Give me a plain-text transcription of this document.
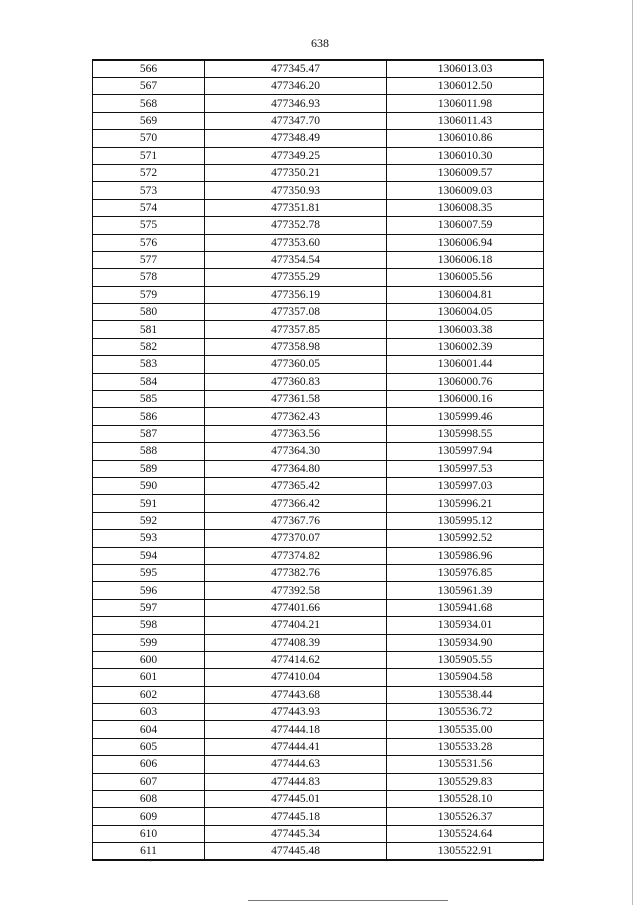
638
566	477345.47	1306013.03
567	477346.20	1306012.50
568	477346.93	1306011.98
569	477347.70	1306011.43
570	477348.49	1306010.86
571	477349.25	1306010.30
572	477350.21	1306009.57
573	477350.93	1306009.03
574	477351.81	1306008.35
575	477352.78	1306007.59
576	477353.60	1306006.94
577	477354.54	1306006.18
578	477355.29	1306005.56
579	477356.19	1306004.81
580	477357.08	1306004.05
581	477357.85	1306003.38
582	477358.98	1306002.39
583	477360.05	1306001.44
584	477360.83	1306000.76
585	477361.58	1306000.16
586	477362.43	1305999.46
587	477363.56	1305998.55
588	477364.30	1305997.94
589	477364.80	1305997.53
590	477365.42	1305997.03
591	477366.42	1305996.21
592	477367.76	1305995.12
593	477370.07	1305992.52
594	477374.82	1305986.96
595	477382.76	1305976.85
596	477392.58	1305961.39
597	477401.66	1305941.68
598	477404.21	1305934.01
599	477408.39	1305934.90
600	477414.62	1305905.55
601	477410.04	1305904.58
602	477443.68	1305538.44
603	477443.93	1305536.72
604	477444.18	1305535.00
605	477444.41	1305533.28
606	477444.63	1305531.56
607	477444.83	1305529.83
608	477445.01	1305528.10
609	477445.18	1305526.37
610	477445.34	1305524.64
611	477445.48	1305522.91
·	·
